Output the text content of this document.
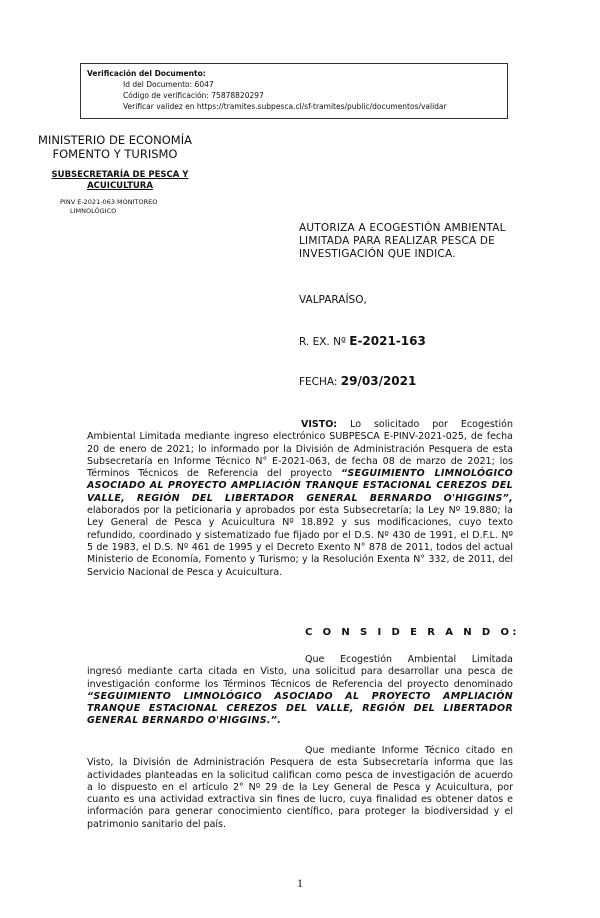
Verificación del Documento:
• Id del Documento: 6047
• Código de verificación: 75878820297
• Verificar validez en https://tramites.subpesca.cl/sf-tramites/public/documentos/validar
MINISTERIO DE ECONOMÍA
FOMENTO Y TURISMO
SUBSECRETARÍA DE PESCA Y
ACUICULTURA
PINV E-2021-063 MONITOREO
LIMNOLÓGICO
AUTORIZA A ECOGESTIÓN AMBIENTAL LIMITADA PARA REALIZAR PESCA DE INVESTIGACIÓN QUE INDICA.
VALPARAÍSO,
R. EX. Nº E-2021-163
FECHA: 29/03/2021
VISTO: Lo solicitado por Ecogestión Ambiental Limitada mediante ingreso electrónico SUBPESCA E-PINV-2021-025, de fecha 20 de enero de 2021; lo informado por la División de Administración Pesquera de esta Subsecretaría en Informe Técnico N° E-2021-063, de fecha 08 de marzo de 2021; los Términos Técnicos de Referencia del proyecto “SEGUIMIENTO LIMNOLÓGICO ASOCIADO AL PROYECTO AMPLIACIÓN TRANQUE ESTACIONAL CEREZOS DEL VALLE, REGIÓN DEL LIBERTADOR GENERAL BERNARDO O'HIGGINS”, elaborados por la peticionaria y aprobados por esta Subsecretaría; la Ley Nº 19.880; la Ley General de Pesca y Acuicultura Nº 18.892 y sus modificaciones, cuyo texto refundido, coordinado y sistematizado fue fijado por el D.S. Nº 430 de 1991, el D.F.L. Nº 5 de 1983, el D.S. Nº 461 de 1995 y el Decreto Exento N° 878 de 2011, todos del actual Ministerio de Economía, Fomento y Turismo; y la Resolución Exenta N° 332, de 2011, del Servicio Nacional de Pesca y Acuicultura.
C O N S I D E R A N D O:
Que Ecogestión Ambiental Limitada ingresó mediante carta citada en Visto, una solicitud para desarrollar una pesca de investigación conforme los Términos Técnicos de Referencia del proyecto denominado “SEGUIMIENTO LIMNOLÓGICO ASOCIADO AL PROYECTO AMPLIACIÓN TRANQUE ESTACIONAL CEREZOS DEL VALLE, REGIÓN DEL LIBERTADOR GENERAL BERNARDO O'HIGGINS.”.
Que mediante Informe Técnico citado en Visto, la División de Administración Pesquera de esta Subsecretaría informa que las actividades planteadas en la solicitud califican como pesca de investigación de acuerdo a lo dispuesto en el artículo 2° Nº 29 de la Ley General de Pesca y Acuicultura, por cuanto es una actividad extractiva sin fines de lucro, cuya finalidad es obtener datos e información para generar conocimiento científico, para proteger la biodiversidad y el patrimonio sanitario del país.
1
